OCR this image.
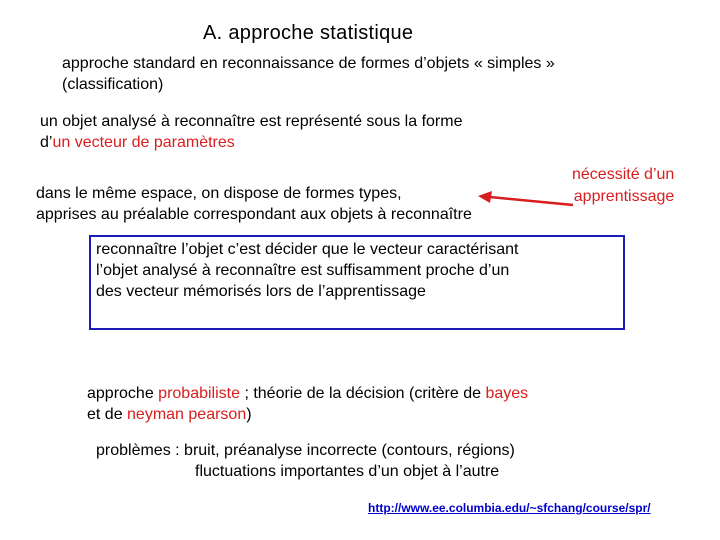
A. approche statistique
approche standard en reconnaissance de formes d’objets « simples »
(classification)
un objet analysé à reconnaître est représenté sous la forme
d’un vecteur de paramètres
dans le même espace, on dispose de formes types,
apprises au préalable correspondant aux objets à reconnaître
nécessité d’un
apprentissage
reconnaître l’objet c’est décider que le vecteur caractérisant
l’objet analysé à reconnaître est suffisamment proche d’un
des vecteur mémorisés lors de l’apprentissage
approche probabiliste ; théorie de la décision (critère de bayes
et de neyman pearson)
problèmes : bruit, préanalyse incorrecte (contours, régions)
fluctuations importantes d’un objet à l’autre
http://www.ee.columbia.edu/~sfchang/course/spr/
